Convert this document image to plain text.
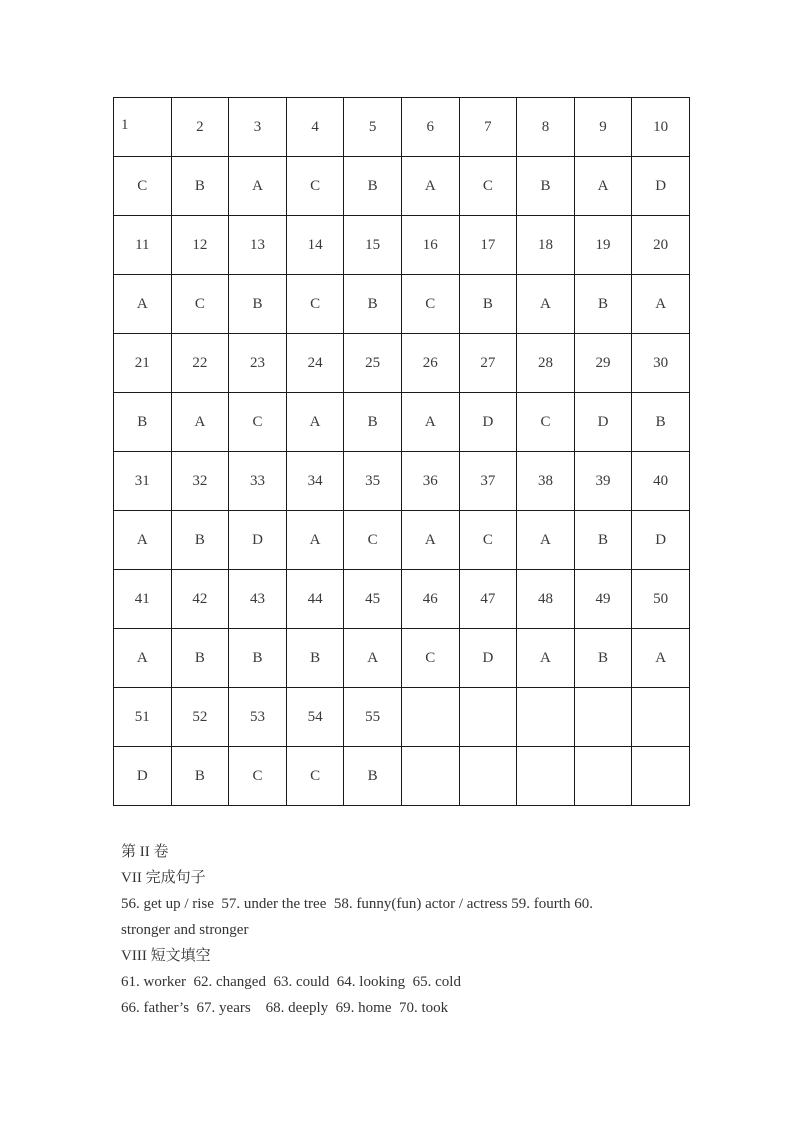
1	2	3	4	5	6	7	8	9	10
C	B	A	C	B	A	C	B	A	D
11	12	13	14	15	16	17	18	19	20
A	C	B	C	B	C	B	A	B	A
21	22	23	24	25	26	27	28	29	30
B	A	C	A	B	A	D	C	D	B
31	32	33	34	35	36	37	38	39	40
A	B	D	A	C	A	C	A	B	D
41	42	43	44	45	46	47	48	49	50
A	B	B	B	A	C	D	A	B	A
51	52	53	54	55					
D	B	C	C	B					
第 II 卷
VII 完成句子
56. get up / rise  57. under the tree  58. funny(fun) actor / actress 59. fourth 60.
stronger and stronger
VIII 短文填空
61. worker  62. changed  63. could  64. looking  65. cold
66. father’s  67. years    68. deeply  69. home  70. took
